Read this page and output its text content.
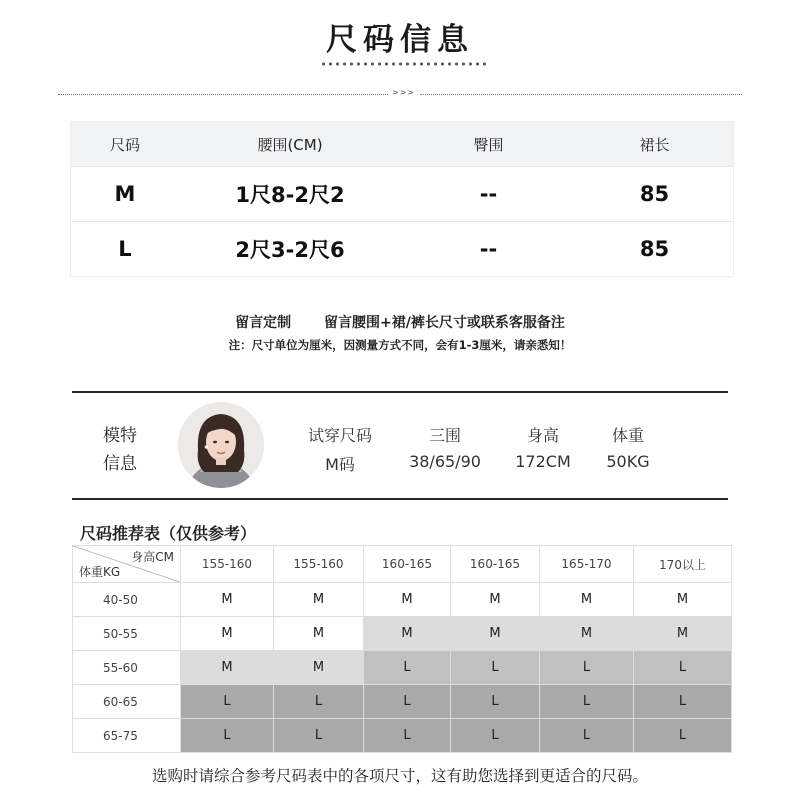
尺码信息
>>>
尺码	腰围(CM)	臀围	裙长
M	1尺8-2尺2	--	85
L	2尺3-2尺6	--	85
留言定制 留言腰围+裙/裤长尺寸或联系客服备注
注：尺寸单位为厘米，因测量方式不同，会有1-3厘米，请亲悉知！
模特
信息
试穿尺码
M码
三围
38/65/90
身高
172CM
体重
50KG
尺码推荐表（仅供参考）
身高CM
体重KG	155-160	155-160	160-165	160-165	165-170	170以上
40-50	M	M	M	M	M	M
50-55	M	M	M	M	M	M
55-60	M	M	L	L	L	L
60-65	L	L	L	L	L	L
65-75	L	L	L	L	L	L
选购时请综合参考尺码表中的各项尺寸，这有助您选择到更适合的尺码。
